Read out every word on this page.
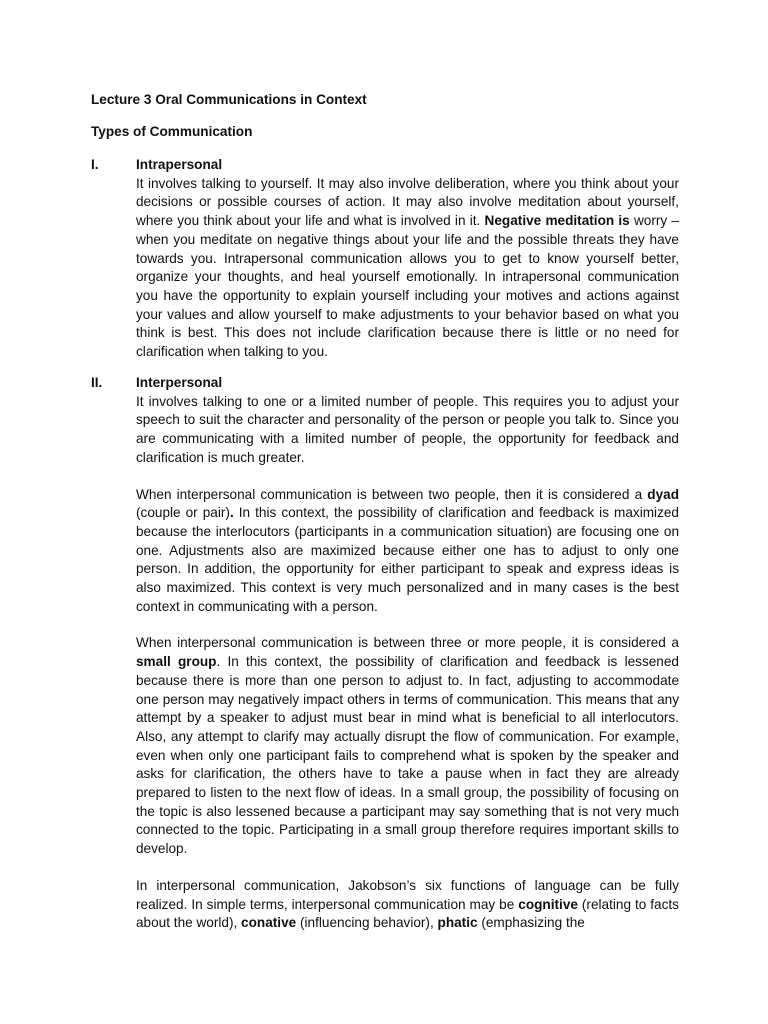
Lecture 3 Oral Communications in Context
Types of Communication
I.	Intrapersonal

It involves talking to yourself. It may also involve deliberation, where you think about your decisions or possible courses of action. It may also involve meditation about yourself, where you think about your life and what is involved in it. Negative meditation is worry – when you meditate on negative things about your life and the possible threats they have towards you. Intrapersonal communication allows you to get to know yourself better, organize your thoughts, and heal yourself emotionally. In intrapersonal communication you have the opportunity to explain yourself including your motives and actions against your values and allow yourself to make adjustments to your behavior based on what you think is best. This does not include clarification because there is little or no need for clarification when talking to you.

II.	Interpersonal

It involves talking to one or a limited number of people. This requires you to adjust your speech to suit the character and personality of the person or people you talk to. Since you are communicating with a limited number of people, the opportunity for feedback and clarification is much greater.

When interpersonal communication is between two people, then it is considered a dyad (couple or pair). In this context, the possibility of clarification and feedback is maximized because the interlocutors (participants in a communication situation) are focusing one on one. Adjustments also are maximized because either one has to adjust to only one person. In addition, the opportunity for either participant to speak and express ideas is also maximized. This context is very much personalized and in many cases is the best context in communicating with a person.

When interpersonal communication is between three or more people, it is considered a small group. In this context, the possibility of clarification and feedback is lessened because there is more than one person to adjust to. In fact, adjusting to accommodate one person may negatively impact others in terms of communication. This means that any attempt by a speaker to adjust must bear in mind what is beneficial to all interlocutors. Also, any attempt to clarify may actually disrupt the flow of communication. For example, even when only one participant fails to comprehend what is spoken by the speaker and asks for clarification, the others have to take a pause when in fact they are already prepared to listen to the next flow of ideas. In a small group, the possibility of focusing on the topic is also lessened because a participant may say something that is not very much connected to the topic. Participating in a small group therefore requires important skills to develop.

In interpersonal communication, Jakobson’s six functions of language can be fully realized. In simple terms, interpersonal communication may be cognitive (relating to facts about the world), conative (influencing behavior), phatic (emphasizing the
